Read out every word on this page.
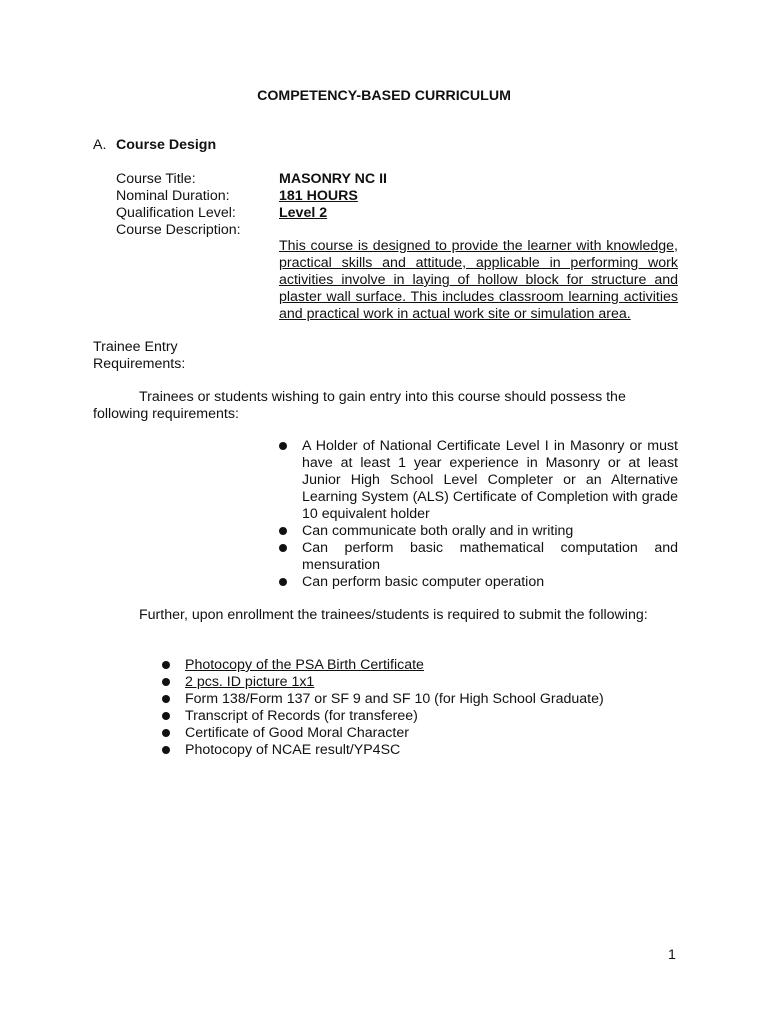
COMPETENCY-BASED CURRICULUM
A. Course Design
Course Title:	MASONRY NC II
Nominal Duration:	181 HOURS
Qualification Level:	Level 2
Course Description:
This course is designed to provide the learner with knowledge, practical skills and attitude, applicable in performing work activities involve in laying of hollow block for structure and plaster wall surface. This includes classroom learning activities and practical work in actual work site or simulation area.
Trainee Entry
Requirements:
Trainees or students wishing to gain entry into this course should possess the following requirements:
A Holder of National Certificate Level I in Masonry or must have at least 1 year experience in Masonry or at least Junior High School Level Completer or an Alternative Learning System (ALS) Certificate of Completion with grade 10 equivalent holder
Can communicate both orally and in writing
Can perform basic mathematical computation and mensuration
Can perform basic computer operation
Further, upon enrollment the trainees/students is required to submit the following:
Photocopy of the PSA Birth Certificate
2 pcs. ID picture 1x1
Form 138/Form 137 or SF 9 and SF 10 (for High School Graduate)
Transcript of Records (for transferee)
Certificate of Good Moral Character
Photocopy of NCAE result/YP4SC
1
